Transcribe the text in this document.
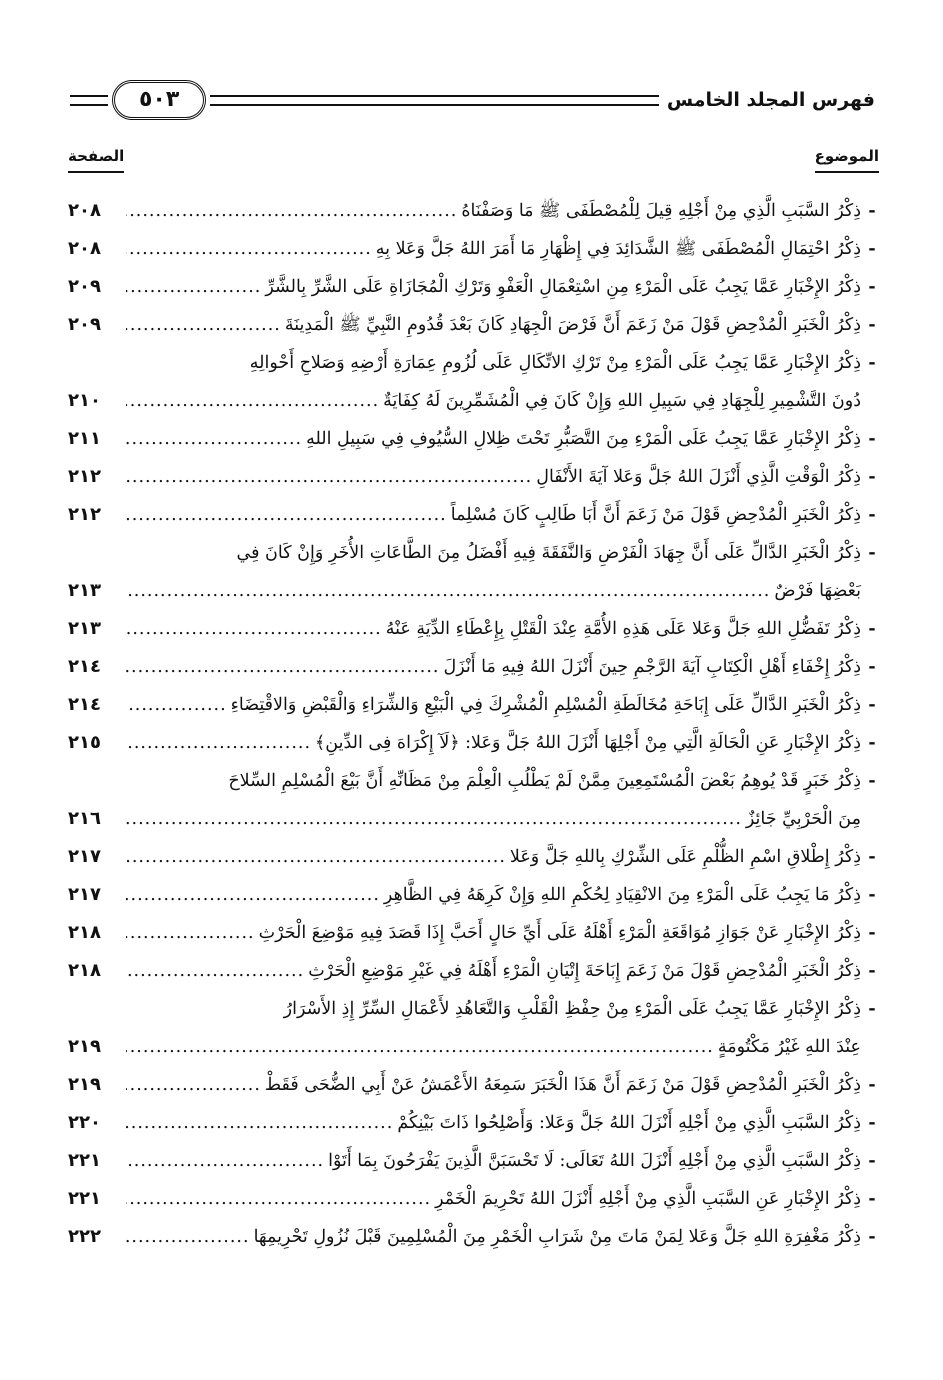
فهرس المجلد الخامس
٥٠٣
الموضوع
الصفحة
-
ذِكْرُ السَّبَبِ الَّذِي مِنْ أَجْلِهِ قِيلَ لِلْمُصْطَفَى ﷺ مَا وَصَفْنَاهُ
.....
٢٠٨
-
ذِكْرُ احْتِمَالِ الْمُصْطَفَى ﷺ الشَّدَائِدَ فِي إِظْهَارِ مَا أَمَرَ اللهُ جَلَّ وَعَلا بِهِ
.....
٢٠٨
-
ذِكْرُ الإِخْبَارِ عَمَّا يَجِبُ عَلَى الْمَرْءِ مِنِ اسْتِعْمَالِ الْعَفْوِ وَتَرْكِ الْمُجَازَاةِ عَلَى الشَّرِّ بِالشَّرِّ
.....
٢٠٩
-
ذِكْرُ الْخَبَرِ الْمُدْحِضِ قَوْلَ مَنْ زَعَمَ أَنَّ فَرْضَ الْجِهَادِ كَانَ بَعْدَ قُدُومِ النَّبِيِّ ﷺ الْمَدِينَةَ
.....
٢٠٩
-
ذِكْرُ الإِخْبَارِ عَمَّا يَجِبُ عَلَى الْمَرْءِ مِنْ تَرْكِ الاتِّكَالِ عَلَى لُزُومِ عِمَارَةِ أَرْضِهِ وَصَلاحِ أَحْوالِهِ
دُونَ التَّشْمِيرِ لِلْجِهَادِ فِي سَبِيلِ اللهِ وَإِنْ كَانَ فِي الْمُشَمِّرِينَ لَهُ كِفَايَةٌ
.....
٢١٠
-
ذِكْرُ الإِخْبَارِ عَمَّا يَجِبُ عَلَى الْمَرْءِ مِنَ التَّصَبُّرِ تَحْتَ ظِلالِ السُّيُوفِ فِي سَبِيلِ اللهِ
.....
٢١١
-
ذِكْرُ الْوَقْتِ الَّذِي أَنْزَلَ اللهُ جَلَّ وَعَلا آيَةَ الأَنْفَالِ
.....
٢١٢
-
ذِكْرُ الْخَبَرِ الْمُدْحِضِ قَوْلَ مَنْ زَعَمَ أَنَّ أَبَا طَالِبٍ كَانَ مُسْلِماً
.....
٢١٢
-
ذِكْرُ الْخَبَرِ الدَّالِّ عَلَى أَنَّ جِهَادَ الْفَرْضِ وَالنَّفَقَةَ فِيهِ أَفْضَلُ مِنَ الطَّاعَاتِ الأُخَرِ وَإِنْ كَانَ فِي
بَعْضِهَا فَرْضٌ
.....
٢١٣
-
ذِكْرُ تَفَضُّلِ اللهِ جَلَّ وَعَلا عَلَى هَذِهِ الأُمَّةِ عِنْدَ الْقَتْلِ بِإِعْطَاءِ الدِّيَةِ عَنْهُ
.....
٢١٣
-
ذِكْرُ إِخْفَاءِ أَهْلِ الْكِتَابِ آيَةَ الرَّجْمِ حِينَ أَنْزَلَ اللهُ فِيهِ مَا أَنْزَلَ
.....
٢١٤
-
ذِكْرُ الْخَبَرِ الدَّالِّ عَلَى إِبَاحَةِ مُخَالَطَةِ الْمُسْلِمِ الْمُشْرِكَ فِي الْبَيْعِ وَالشِّرَاءِ وَالْقَبْضِ وَالاقْتِضَاءِ
.....
٢١٤
-
ذِكْرُ الإِخْبَارِ عَنِ الْحَالَةِ الَّتِي مِنْ أَجْلِهَا أَنْزَلَ اللهُ جَلَّ وَعَلا: ﴿لَآ إِكْرَاهَ فِى الدِّينِ﴾
.....
٢١٥
-
ذِكْرُ خَبَرٍ قَدْ يُوهِمُ بَعْضَ الْمُسْتَمِعِينَ مِمَّنْ لَمْ يَطْلُبِ الْعِلْمَ مِنْ مَظَانِّهِ أَنَّ بَيْعَ الْمُسْلِمِ السِّلاحَ
مِنَ الْحَرْبِيِّ جَائِزٌ
.....
٢١٦
-
ذِكْرُ إِطْلاقِ اسْمِ الظُّلْمِ عَلَى الشِّرْكِ بِاللهِ جَلَّ وَعَلا
.....
٢١٧
-
ذِكْرُ مَا يَجِبُ عَلَى الْمَرْءِ مِنَ الانْقِيَادِ لِحُكْمِ اللهِ وَإِنْ كَرِهَهُ فِي الظَّاهِرِ
.....
٢١٧
-
ذِكْرُ الإِخْبَارِ عَنْ جَوَازِ مُوَاقَعَةِ الْمَرْءِ أَهْلَهُ عَلَى أَيِّ حَالٍ أَحَبَّ إِذَا قَصَدَ فِيهِ مَوْضِعَ الْحَرْثِ
.....
٢١٨
-
ذِكْرُ الْخَبَرِ الْمُدْحِضِ قَوْلَ مَنْ زَعَمَ إِبَاحَةَ إِتْيَانِ الْمَرْءِ أَهْلَهُ فِي غَيْرِ مَوْضِعِ الْحَرْثِ
.....
٢١٨
-
ذِكْرُ الإِخْبَارِ عَمَّا يَجِبُ عَلَى الْمَرْءِ مِنْ حِفْظِ الْقَلْبِ وَالتَّعَاهُدِ لأَعْمَالِ السِّرِّ إِذِ الأَسْرَارُ
عِنْدَ اللهِ غَيْرُ مَكْتُومَةٍ
.....
٢١٩
-
ذِكْرُ الْخَبَرِ الْمُدْحِضِ قَوْلَ مَنْ زَعَمَ أَنَّ هَذَا الْخَبَرَ سَمِعَهُ الأَعْمَشُ عَنْ أَبِي الضُّحَى فَقَطْ
.....
٢١٩
-
ذِكْرُ السَّبَبِ الَّذِي مِنْ أَجْلِهِ أَنْزَلَ اللهُ جَلَّ وَعَلا: وَأَصْلِحُوا ذَاتَ بَيْنِكُمْ
.....
٢٢٠
-
ذِكْرُ السَّبَبِ الَّذِي مِنْ أَجْلِهِ أَنْزَلَ اللهُ تَعَالَى: لَا تَحْسَبَنَّ الَّذِينَ يَفْرَحُونَ بِمَا أَتَوْا
.....
٢٢١
-
ذِكْرُ الإِخْبَارِ عَنِ السَّبَبِ الَّذِي مِنْ أَجْلِهِ أَنْزَلَ اللهُ تَحْرِيمَ الْخَمْرِ
.....
٢٢١
-
ذِكْرُ مَغْفِرَةِ اللهِ جَلَّ وَعَلا لِمَنْ مَاتَ مِنْ شَرَابِ الْخَمْرِ مِنَ الْمُسْلِمِينَ قَبْلَ نُزُولِ تَحْرِيمِهَا
.....
٢٢٢
